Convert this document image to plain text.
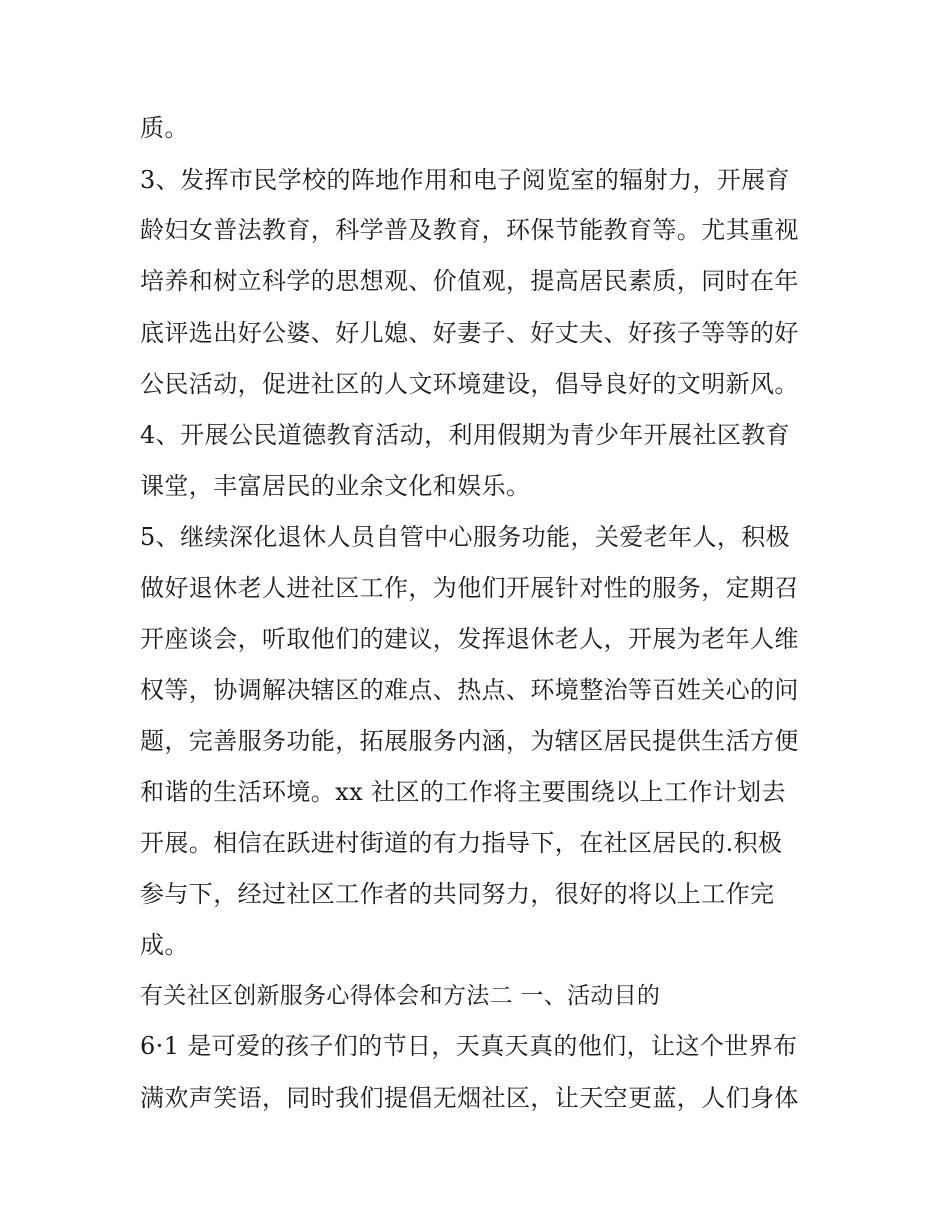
质。
3、发挥市民学校的阵地作用和电子阅览室的辐射力，开展育
龄妇女普法教育，科学普及教育，环保节能教育等。尤其重视
培养和树立科学的思想观、价值观，提高居民素质，同时在年
底评选出好公婆、好儿媳、好妻子、好丈夫、好孩子等等的好
公民活动，促进社区的人文环境建设，倡导良好的文明新风。
4、开展公民道德教育活动，利用假期为青少年开展社区教育
课堂，丰富居民的业余文化和娱乐。
5、继续深化退休人员自管中心服务功能，关爱老年人，积极
做好退休老人进社区工作，为他们开展针对性的服务，定期召
开座谈会，听取他们的建议，发挥退休老人，开展为老年人维
权等，协调解决辖区的难点、热点、环境整治等百姓关心的问
题，完善服务功能，拓展服务内涵，为辖区居民提供生活方便
和谐的生活环境。xx 社区的工作将主要围绕以上工作计划去
开展。相信在跃进村街道的有力指导下，在社区居民的.积极
参与下，经过社区工作者的共同努力，很好的将以上工作完
成。
有关社区创新服务心得体会和方法二 一、活动目的
6·1 是可爱的孩子们的节日，天真天真的他们，让这个世界布
满欢声笑语，同时我们提倡无烟社区，让天空更蓝，人们身体
